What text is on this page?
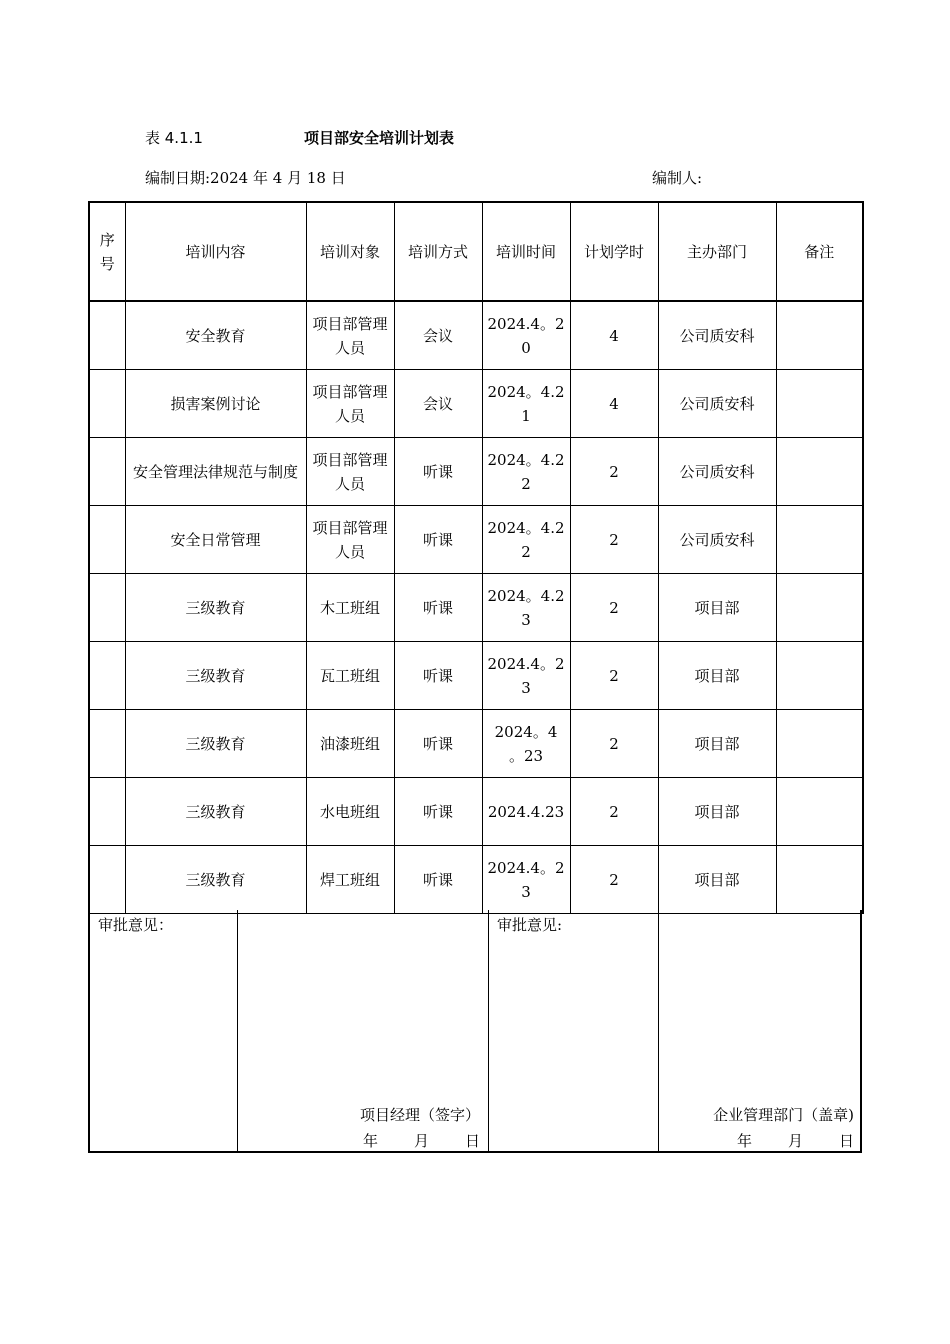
表 4.1.1	项目部安全培训计划表
编制日期:2024 年 4 月 18 日	编制人:
序号	培训内容	培训对象	培训方式	培训时间	计划学时	主办部门	备注
	安全教育	项目部管理人员	会议	2024.4。20	4	公司质安科	
	损害案例讨论	项目部管理人员	会议	2024。4.21	4	公司质安科	
	安全管理法律规范与制度	项目部管理人员	听课	2024。4.22	2	公司质安科	
	安全日常管理	项目部管理人员	听课	2024。4.22	2	公司质安科	
	三级教育	木工班组	听课	2024。4.23	2	项目部	
	三级教育	瓦工班组	听课	2024.4。23	2	项目部	
	三级教育	油漆班组	听课	2024。4 。23	2	项目部	
	三级教育	水电班组	听课	2024.4.23	2	项目部	
	三级教育	焊工班组	听课	2024.4。23	2	项目部	
审批意见：
项目经理（签字）
年 月 日
审批意见:
企业管理部门（盖章)
年 月 日
